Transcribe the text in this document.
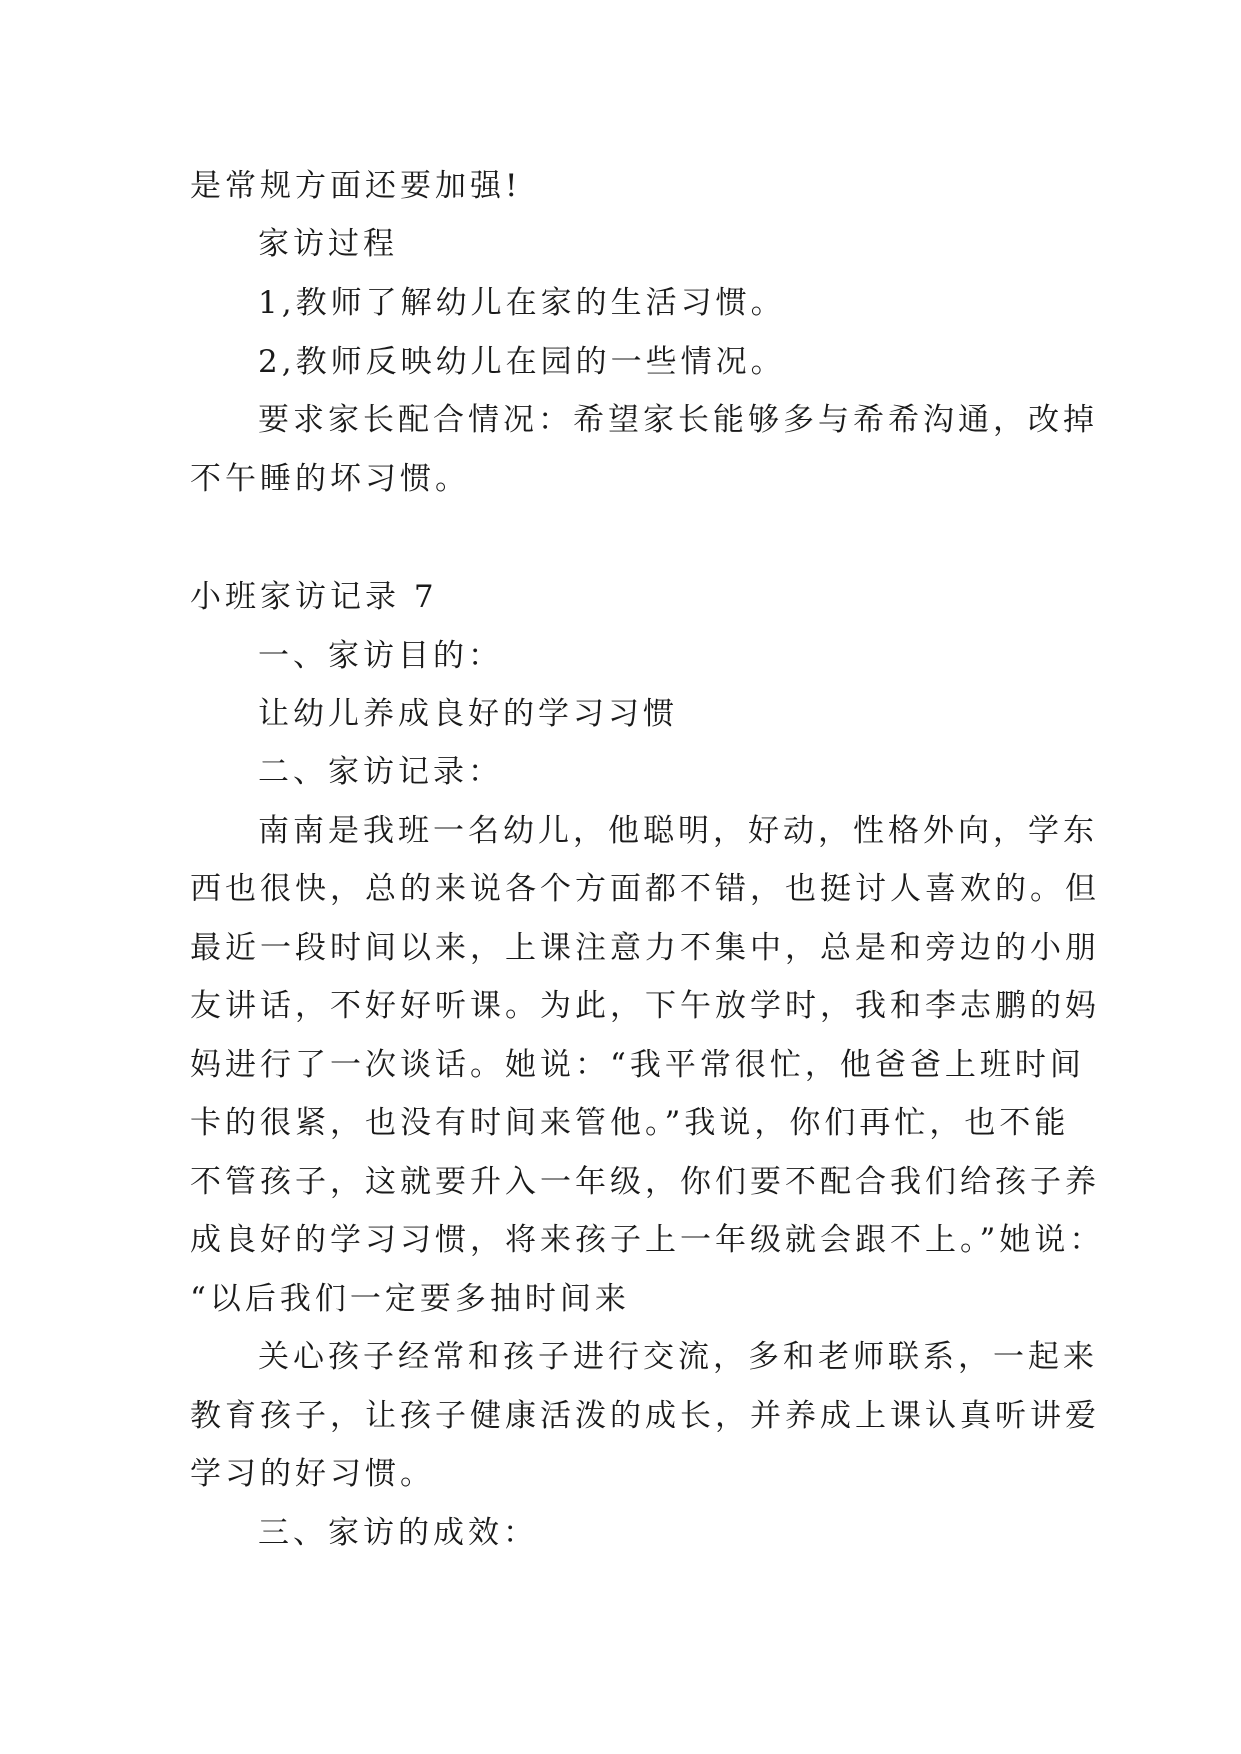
是常规方面还要加强!
家访过程
1,教师了解幼儿在家的生活习惯。
2,教师反映幼儿在园的一些情况。
要求家长配合情况：希望家长能够多与希希沟通，改掉
不午睡的坏习惯。
小班家访记录 7
一、家访目的：
让幼儿养成良好的学习习惯
二、家访记录：
南南是我班一名幼儿，他聪明，好动，性格外向，学东
西也很快，总的来说各个方面都不错，也挺讨人喜欢的。但
最近一段时间以来，上课注意力不集中，总是和旁边的小朋
友讲话，不好好听课。为此，下午放学时，我和李志鹏的妈
妈进行了一次谈话。她说：“我平常很忙，他爸爸上班时间
卡的很紧，也没有时间来管他。”我说，你们再忙，也不能
不管孩子，这就要升入一年级，你们要不配合我们给孩子养
成良好的学习习惯，将来孩子上一年级就会跟不上。”她说：
“以后我们一定要多抽时间来
关心孩子经常和孩子进行交流，多和老师联系，一起来
教育孩子，让孩子健康活泼的成长，并养成上课认真听讲爱
学习的好习惯。
三、家访的成效：
